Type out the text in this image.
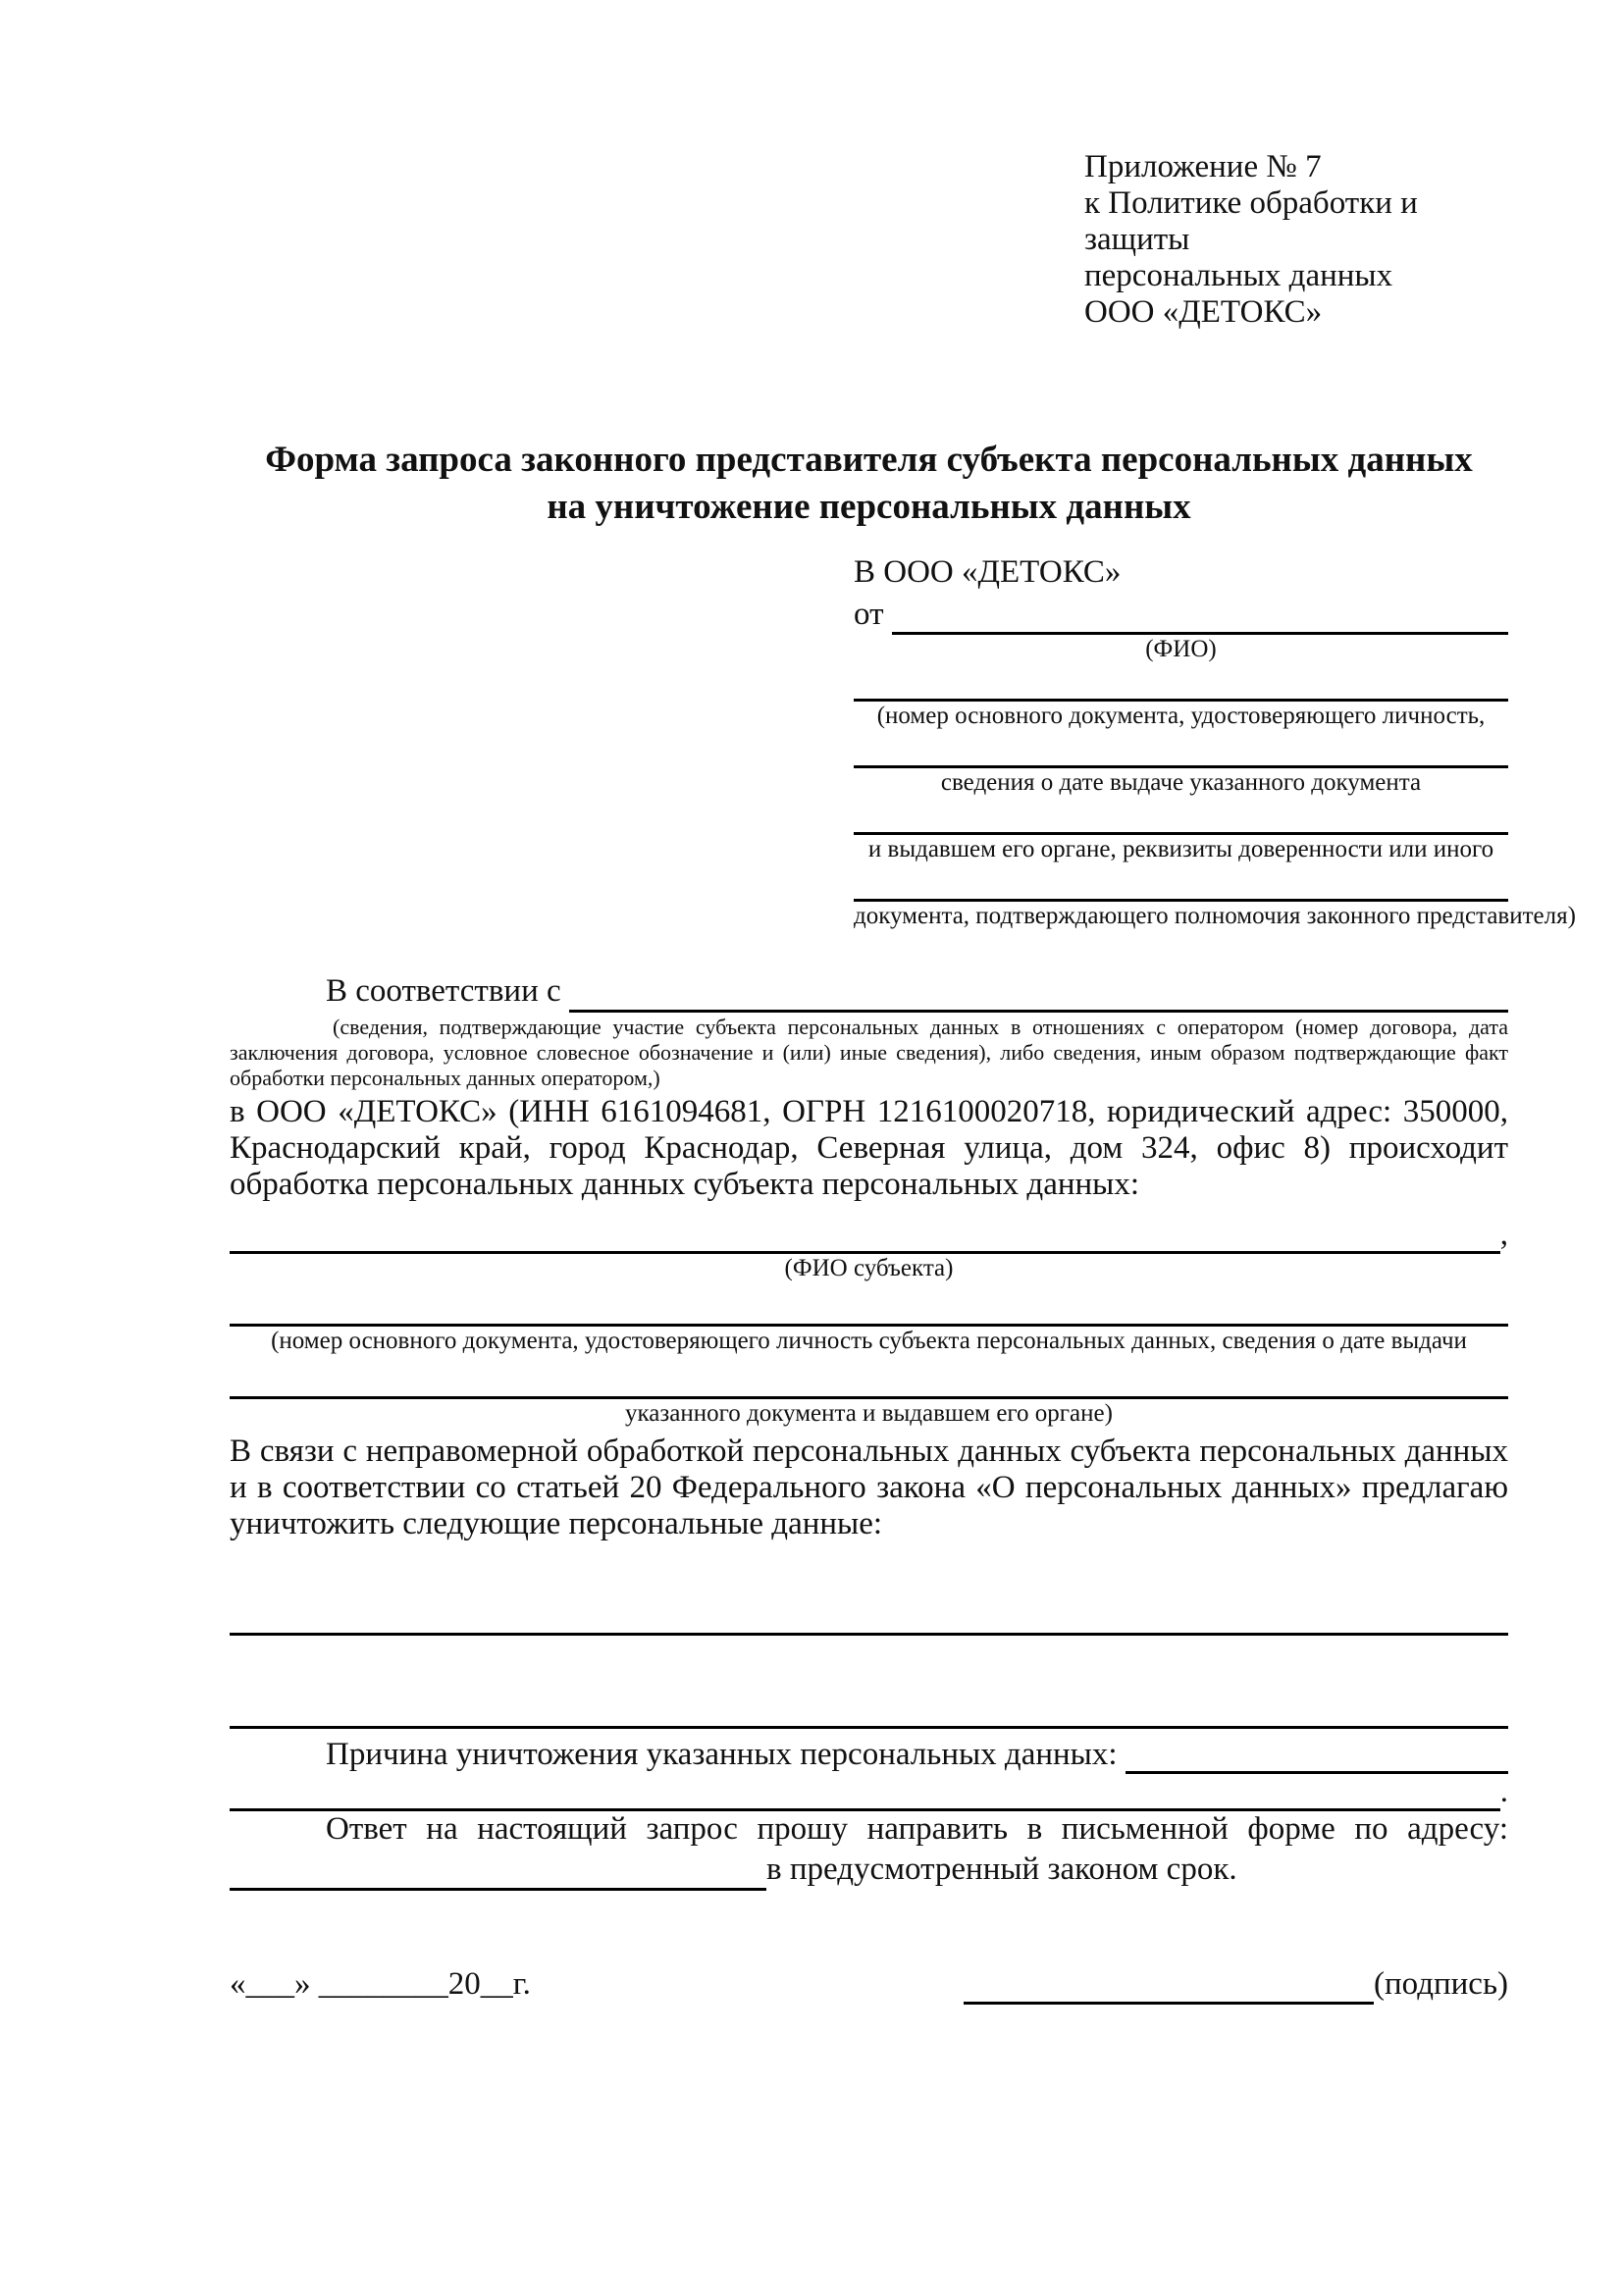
Приложение № 7
к Политике обработки и защиты
персональных данных
ООО «ДЕТОКС»
Форма запроса законного представителя субъекта персональных данных
на уничтожение персональных данных
В ООО «ДЕТОКС»
от
(ФИО)
(номер основного документа, удостоверяющего личность,
сведения о дате выдаче указанного документа
и выдавшем его органе, реквизиты доверенности или иного
документа, подтверждающего полномочия законного представителя)
В соответствии с
(сведения, подтверждающие участие субъекта персональных данных в отношениях с оператором (номер договора, дата заключения договора, условное словесное обозначение и (или) иные сведения), либо сведения, иным образом подтверждающие факт обработки персональных данных оператором,)

в ООО «ДЕТОКС» (ИНН 6161094681, ОГРН 1216100020718, юридический адрес: 350000, Краснодарский край, город Краснодар, Северная улица, дом 324, офис 8) происходит обработка персональных данных субъекта персональных данных:

,
(ФИО субъекта)
(номер основного документа, удостоверяющего личность субъекта персональных данных, сведения о дате выдачи
указанного документа и выдавшем его органе)

В связи с неправомерной обработкой персональных данных субъекта персональных данных и в соответствии со статьей 20 Федерального закона «О персональных данных» предлагаю уничтожить следующие персональные данные:

Причина уничтожения указанных персональных данных:
.

Ответ на настоящий запрос прошу направить в письменной форме по адресу:

в предусмотренный законом срок.
«___» ________20__г.	(подпись)
